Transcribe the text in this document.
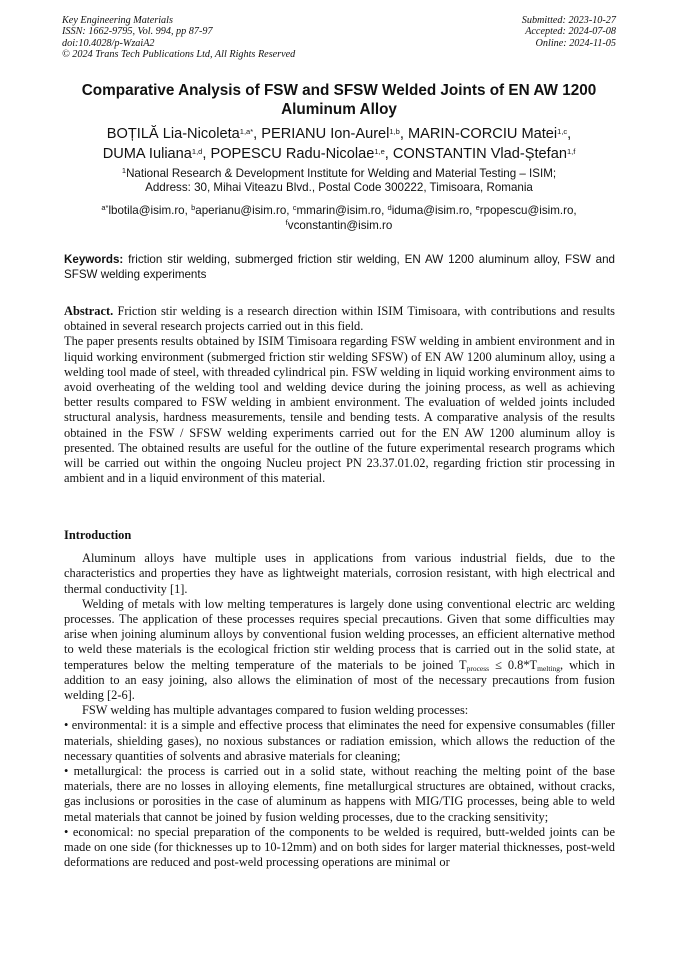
Key Engineering Materials
ISSN: 1662-9795, Vol. 994, pp 87-97
doi:10.4028/p-WzaiA2
© 2024 Trans Tech Publications Ltd, All Rights Reserved
Submitted: 2023-10-27
Accepted: 2024-07-08
Online: 2024-11-05
Comparative Analysis of FSW and SFSW Welded Joints of EN AW 1200 Aluminum Alloy
BOȚILĂ Lia-Nicoleta$^{1,a*}$, PERIANU Ion-Aurel$^{1,b}$, MARIN-CORCIU Matei$^{1,c}$,
DUMA Iuliana$^{1,d}$, POPESCU Radu-Nicolae$^{1,e}$, CONSTANTIN Vlad-Ștefan$^{1,f}$
$^1$National Research & Development Institute for Welding and Material Testing – ISIM;
Address: 30, Mihai Viteazu Blvd., Postal Code 300222, Timisoara, Romania
$^{a*}$lbotila@isim.ro, $^b$aperianu@isim.ro, $^c$mmarin@isim.ro, $^d$iduma@isim.ro, $^e$rpopescu@isim.ro,
$^f$vconstantin@isim.ro
Keywords: friction stir welding, submerged friction stir welding, EN AW 1200 aluminum alloy, FSW and SFSW welding experiments

Abstract. Friction stir welding is a research direction within ISIM Timisoara, with contributions and results obtained in several research projects carried out in this field.

The paper presents results obtained by ISIM Timisoara regarding FSW welding in ambient environment and in liquid working environment (submerged friction stir welding SFSW) of EN AW 1200 aluminum alloy, using a welding tool made of steel, with threaded cylindrical pin. FSW welding in liquid working environment aims to avoid overheating of the welding tool and welding device during the joining process, as well as achieving better results compared to FSW welding in ambient environment. The evaluation of welded joints included structural analysis, hardness measurements, tensile and bending tests. A comparative analysis of the results obtained in the FSW / SFSW welding experiments carried out for the EN AW 1200 aluminum alloy is presented. The obtained results are useful for the outline of the future experimental research programs which will be carried out within the ongoing Nucleu project PN 23.37.01.02, regarding friction stir processing in ambient and in a liquid environment of this material.

Introduction

Aluminum alloys have multiple uses in applications from various industrial fields, due to the characteristics and properties they have as lightweight materials, corrosion resistant, with high electrical and thermal conductivity [1].

Welding of metals with low melting temperatures is largely done using conventional electric arc welding processes. The application of these processes requires special precautions. Given that some difficulties may arise when joining aluminum alloys by conventional fusion welding processes, an efficient alternative method to weld these materials is the ecological friction stir welding process that is carried out in the solid state, at temperatures below the melting temperature of the materials to be joined $T_{process} \le 0.8*T_{melting}$, which in addition to an easy joining, also allows the elimination of most of the necessary precautions from fusion welding [2-6].

FSW welding has multiple advantages compared to fusion welding processes:

• environmental: it is a simple and effective process that eliminates the need for expensive consumables (filler materials, shielding gases), no noxious substances or radiation emission, which allows the reduction of the necessary quantities of solvents and abrasive materials for cleaning;

• metallurgical: the process is carried out in a solid state, without reaching the melting point of the base materials, there are no losses in alloying elements, fine metallurgical structures are obtained, without cracks, gas inclusions or porosities in the case of aluminum as happens with MIG/TIG processes, being able to weld metal materials that cannot be joined by fusion welding processes, due to the cracking sensitivity;

• economical: no special preparation of the components to be welded is required, butt-welded joints can be made on one side (for thicknesses up to 10-12mm) and on both sides for larger material thicknesses, post-weld deformations are reduced and post-weld processing operations are minimal or
